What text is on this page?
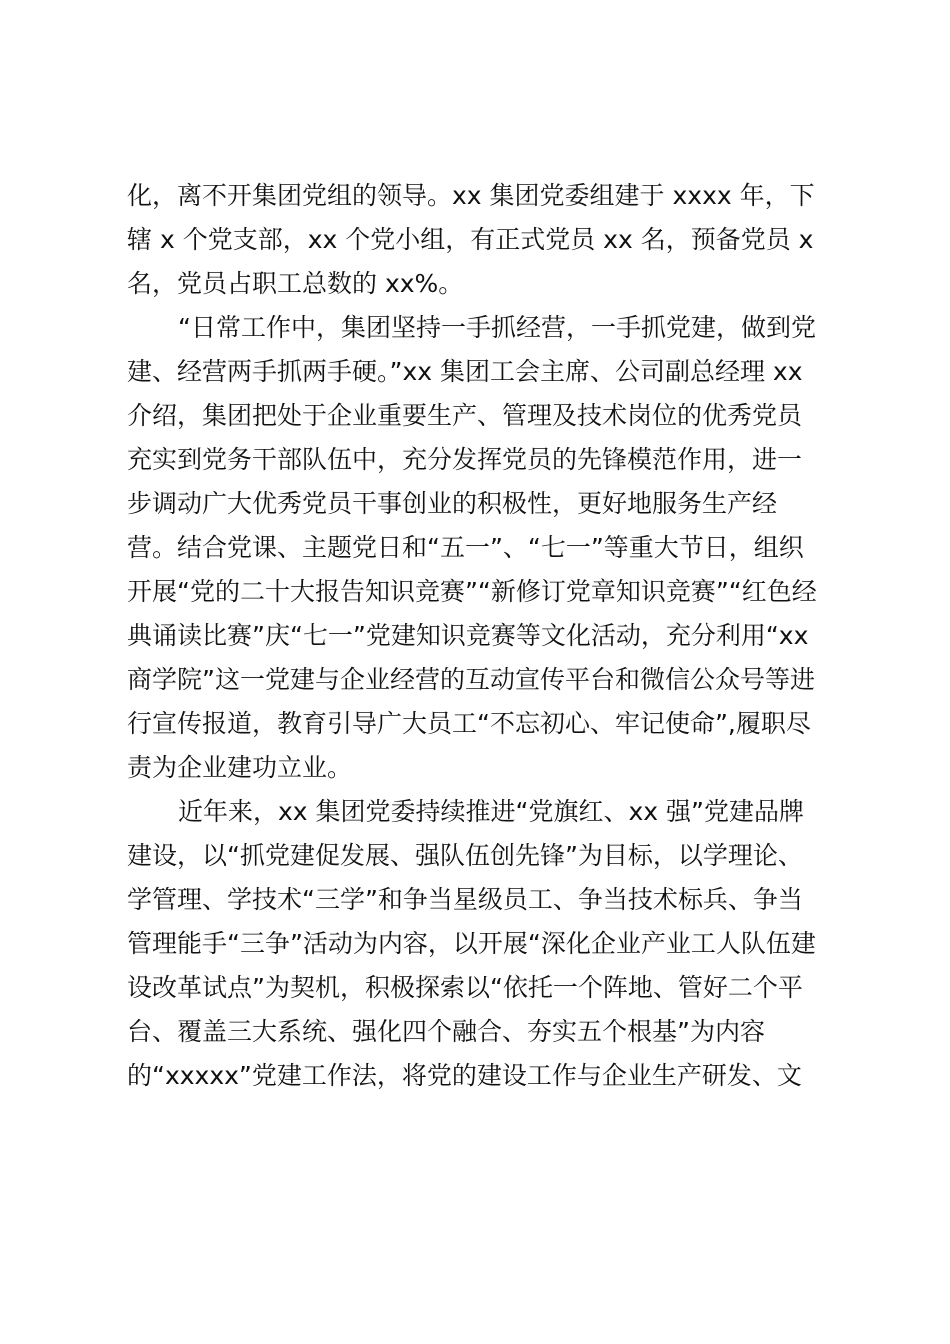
化，离不开集团党组的领导。xx 集团党委组建于 xxxx 年，下
辖 x 个党支部，xx 个党小组，有正式党员 xx 名，预备党员 x
名，党员占职工总数的 xx%。
“日常工作中，集团坚持一手抓经营，一手抓党建，做到党
建、经营两手抓两手硬。”xx 集团工会主席、公司副总经理 xx
介绍，集团把处于企业重要生产、管理及技术岗位的优秀党员
充实到党务干部队伍中，充分发挥党员的先锋模范作用，进一
步调动广大优秀党员干事创业的积极性，更好地服务生产经
营。结合党课、主题党日和“五一”、“七一”等重大节日，组织
开展“党的二十大报告知识竞赛”“新修订党章知识竞赛”“红色经
典诵读比赛”庆“七一”党建知识竞赛等文化活动，充分利用“xx
商学院”这一党建与企业经营的互动宣传平台和微信公众号等进
行宣传报道，教育引导广大员工“不忘初心、牢记使命”,履职尽
责为企业建功立业。
近年来，xx 集团党委持续推进“党旗红、xx 强”党建品牌
建设，以“抓党建促发展、强队伍创先锋”为目标，以学理论、
学管理、学技术“三学”和争当星级员工、争当技术标兵、争当
管理能手“三争”活动为内容，以开展“深化企业产业工人队伍建
设改革试点”为契机，积极探索以“依托一个阵地、管好二个平
台、覆盖三大系统、强化四个融合、夯实五个根基”为内容
的“xxxxx”党建工作法，将党的建设工作与企业生产研发、文
